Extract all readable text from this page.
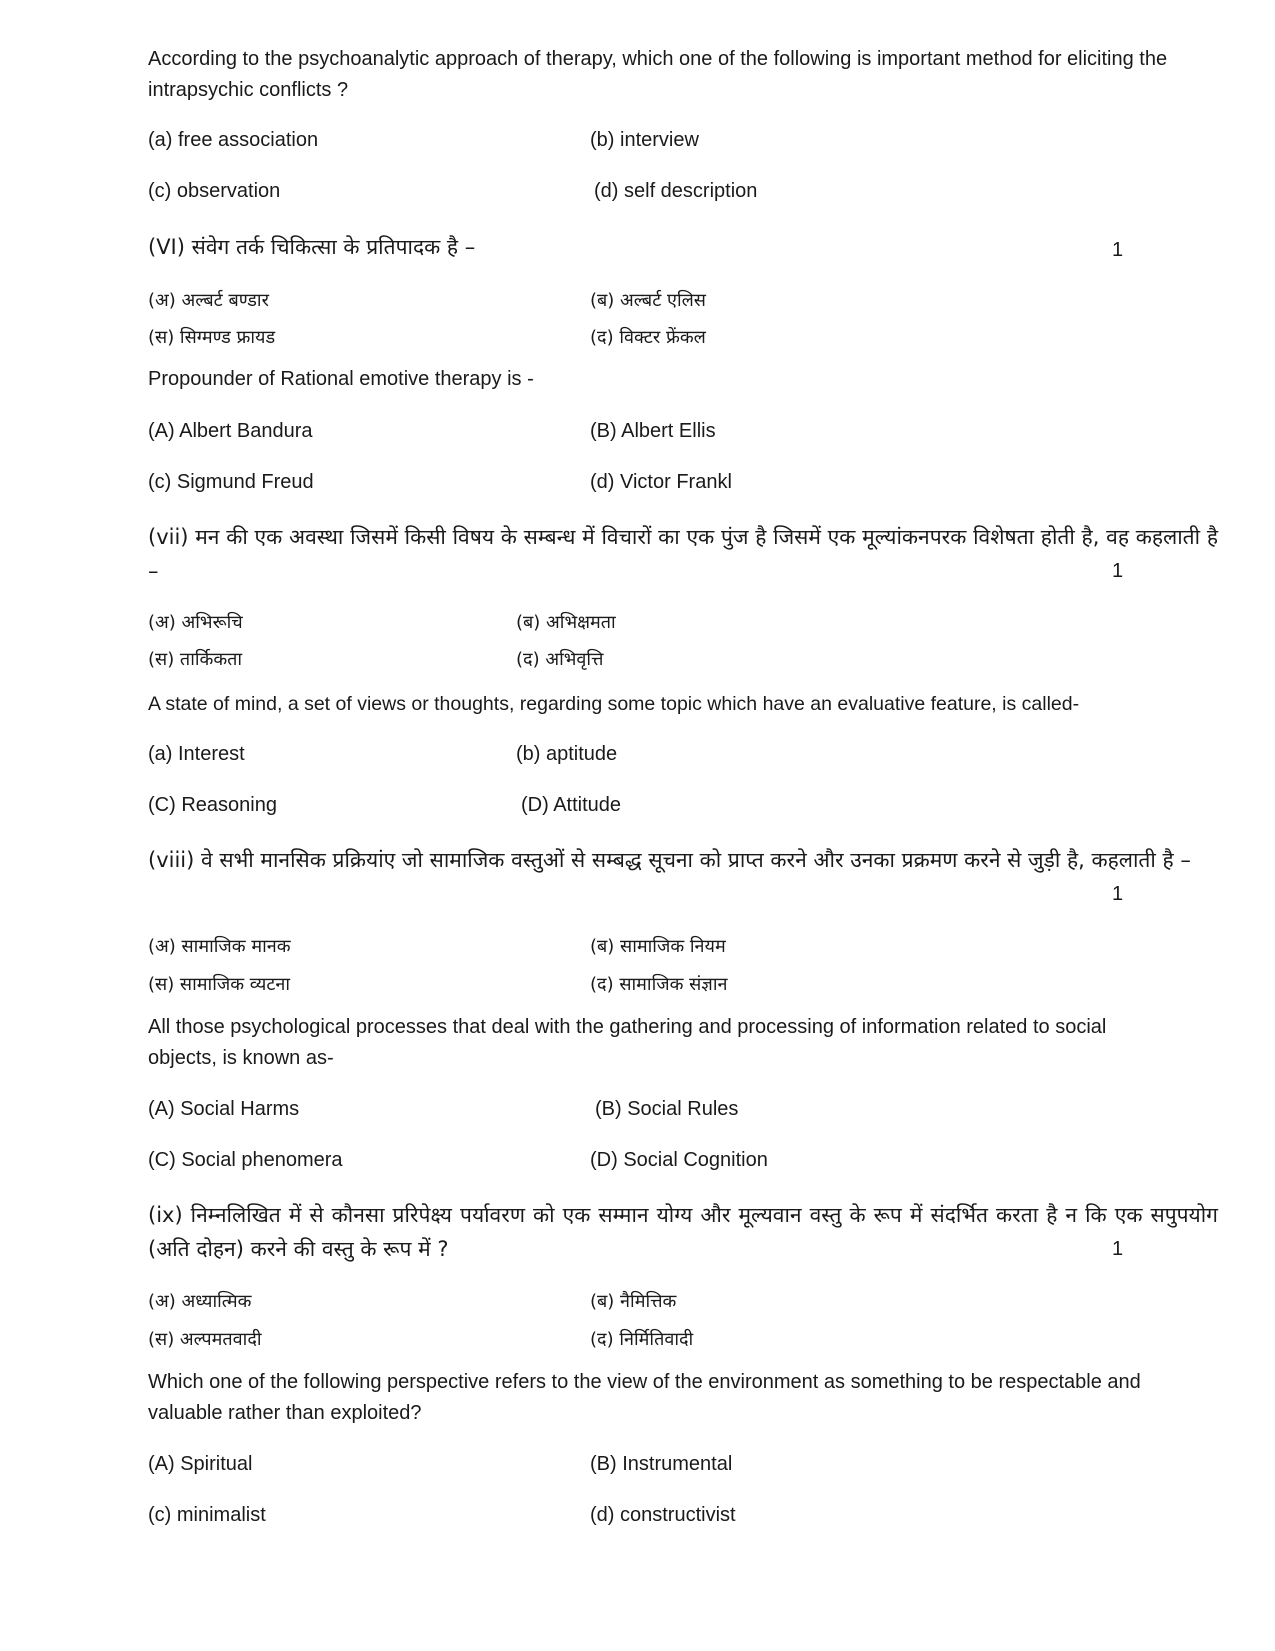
According to the psychoanalytic approach of therapy, which one of the following is important method for eliciting the intrapsychic conflicts ?

(a) free association	(b) interview

(c) observation	(d) self description

(VI) संवेग तर्क चिकित्सा के प्रतिपादक है –	1

(अ) अल्बर्ट बण्डार	(ब) अल्बर्ट एलिस

(स) सिग्मण्ड फ्रायड	(द) विक्टर फ्रेंकल

Propounder of Rational emotive therapy is -

(A) Albert Bandura	(B) Albert Ellis

(c) Sigmund Freud	(d) Victor Frankl

(vii) मन की एक अवस्था जिसमें किसी विषय के सम्बन्ध में विचारों का एक पुंज है जिसमें एक मूल्यांकनपरक विशेषता होती है, वह कहलाती है –	1

(अ) अभिरूचि	(ब) अभिक्षमता

(स) तार्किकता	(द) अभिवृत्ति

A state of mind, a set of views or thoughts, regarding some topic which have an evaluative feature, is called-

(a) Interest	(b) aptitude

(C) Reasoning	(D) Attitude

(viii) वे सभी मानसिक प्रक्रियांए जो सामाजिक वस्तुओं से सम्बद्ध सूचना को प्राप्त करने और उनका प्रक्रमण करने से जुड़ी है, कहलाती है –

1

(अ) सामाजिक मानक	(ब) सामाजिक नियम

(स) सामाजिक व्यटना	(द) सामाजिक संज्ञान

All those psychological processes that deal with the gathering and processing of information related to social objects, is known as-

(A) Social Harms	(B) Social Rules

(C) Social phenomera	(D) Social Cognition

(ix) निम्नलिखित में से कौनसा प्ररिपेक्ष्य पर्यावरण को एक सम्मान योग्य और मूल्यवान वस्तु के रूप में संदर्भित करता है न कि एक सपुपयोग (अति दोहन) करने की वस्तु के रूप में ?	1

(अ) अध्यात्मिक	(ब) नैमित्तिक

(स) अल्पमतवादी	(द) निर्मितिवादी

Which one of the following perspective refers to the view of the environment as something to be respectable and valuable rather than exploited?

(A) Spiritual	(B) Instrumental

(c) minimalist	(d) constructivist
